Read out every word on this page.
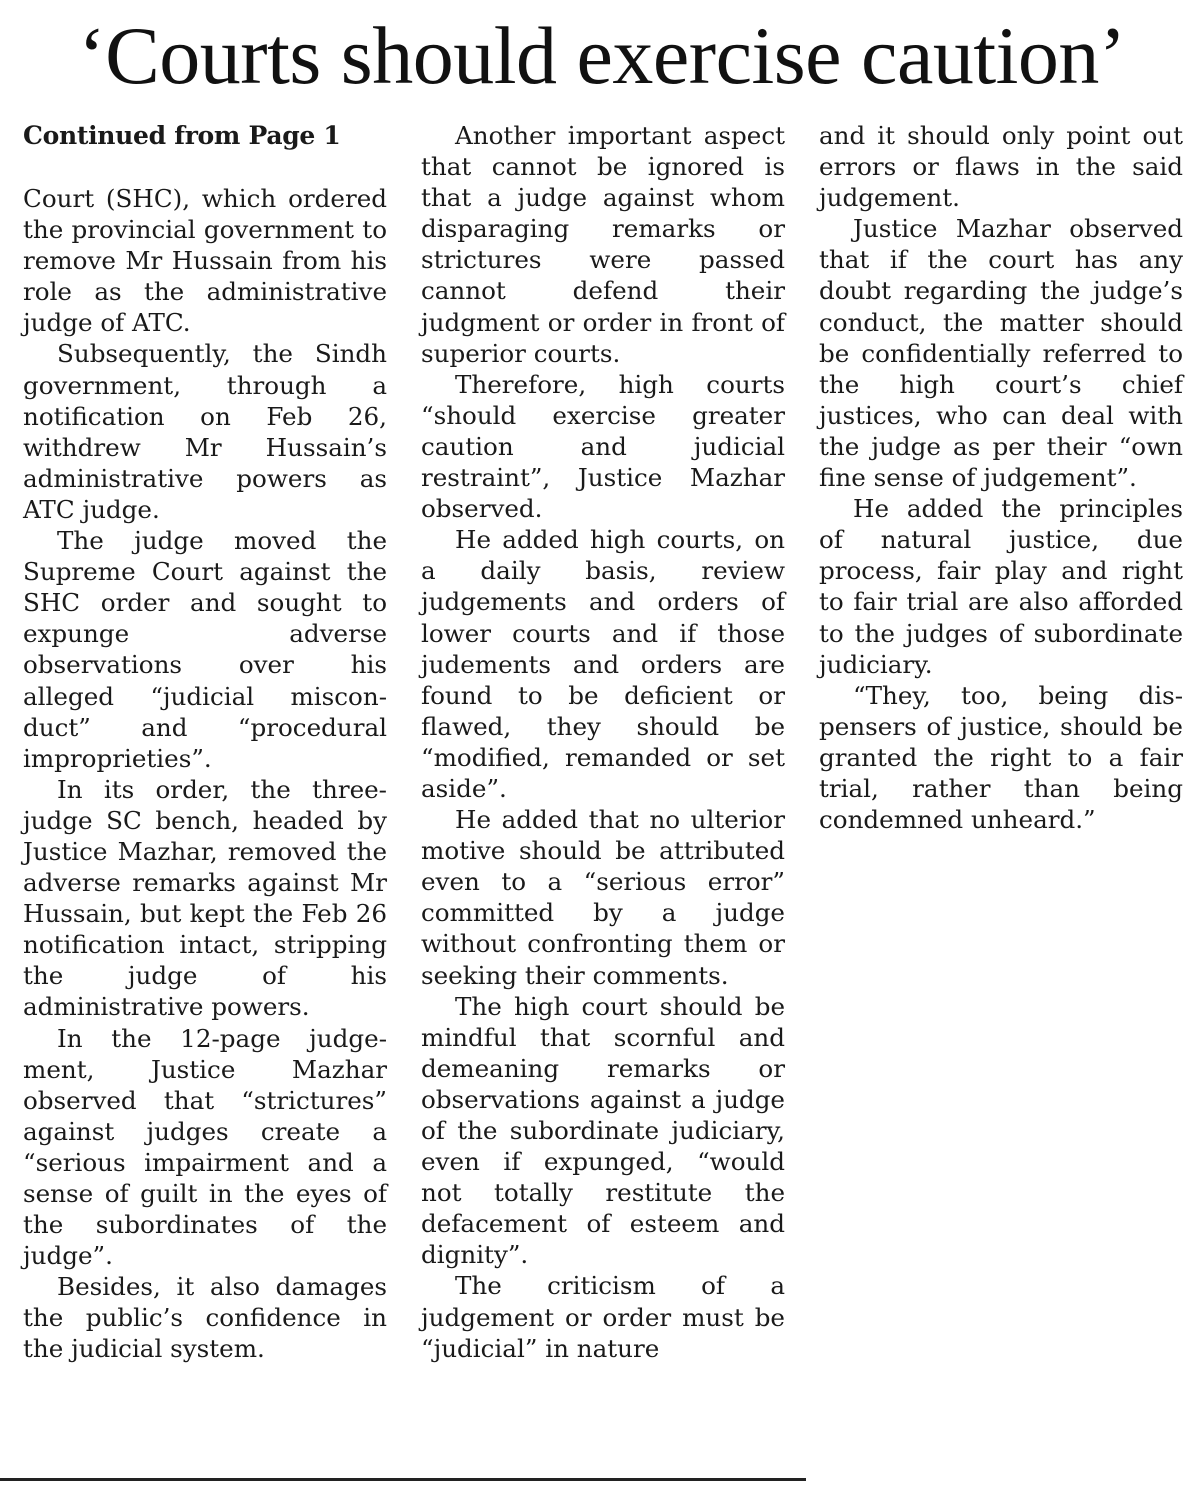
‘Courts should exercise caution’
Continued from Page 1

Court (SHC), which ordered the provincial government to remove Mr Hussain from his role as the administrative judge of ATC.

Subsequently, the Sindh government, through a notification on Feb 26, withdrew Mr Hussain’s administrative powers as ATC judge.

The judge moved the Supreme Court against the SHC order and sought to expunge adverse observations over his alleged “judicial misconduct” and “procedural improprieties”.

In its order, the three-judge SC bench, headed by Justice Mazhar, removed the adverse remarks against Mr Hussain, but kept the Feb 26 notification intact, stripping the judge of his administrative powers.

In the 12-page judgement, Justice Mazhar observed that “strictures” against judges create a “serious impairment and a sense of guilt in the eyes of the subordinates of the judge”.

Besides, it also damages the public’s confidence in the judicial system.

Another important aspect that cannot be ignored is that a judge against whom disparaging remarks or strictures were passed cannot defend their judgment or order in front of superior courts.

Therefore, high courts “should exercise greater caution and judicial restraint”, Justice Mazhar observed.

He added high courts, on a daily basis, review judgements and orders of lower courts and if those judements and orders are found to be deficient or flawed, they should be “modified, remanded or set aside”.

He added that no ulterior motive should be attributed even to a “serious error” committed by a judge without confronting them or seeking their comments.

The high court should be mindful that scornful and demeaning remarks or observations against a judge of the subordinate judiciary, even if expunged, “would not totally restitute the defacement of esteem and dignity”.

The criticism of a judgement or order must be “judicial” in nature

and it should only point out errors or flaws in the said judgement.

Justice Mazhar observed that if the court has any doubt regarding the judge’s conduct, the matter should be confidentially referred to the high court’s chief justices, who can deal with the judge as per their “own fine sense of judgement”.

He added the principles of natural justice, due process, fair play and right to fair trial are also afforded to the judges of subordinate judiciary.

“They, too, being dispensers of justice, should be granted the right to a fair trial, rather than being condemned unheard.”
